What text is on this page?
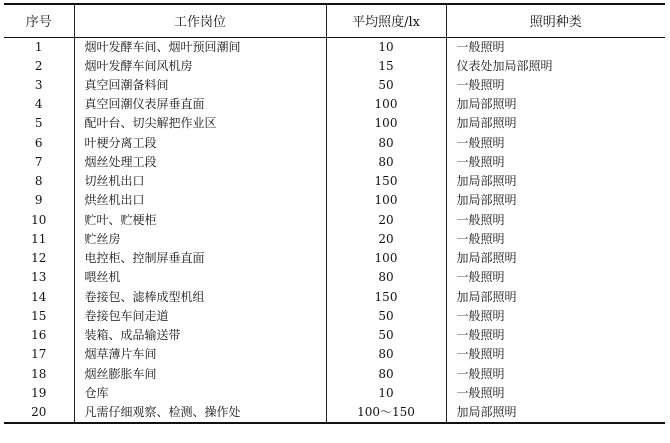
序号	工作岗位	平均照度/lx	照明种类
1	烟叶发酵车间、烟叶预回潮间	10	一般照明
2	烟叶发酵车间风机房	15	仪表处加局部照明
3	真空回潮备料间	50	一般照明
4	真空回潮仪表屏垂直面	100	加局部照明
5	配叶台、切尖解把作业区	100	加局部照明
6	叶梗分离工段	80	一般照明
7	烟丝处理工段	80	一般照明
8	切丝机出口	150	加局部照明
9	烘丝机出口	100	加局部照明
10	贮叶、贮梗柜	20	一般照明
11	贮丝房	20	一般照明
12	电控柜、控制屏垂直面	100	加局部照明
13	喂丝机	80	一般照明
14	卷接包、滤棒成型机组	150	加局部照明
15	卷接包车间走道	50	一般照明
16	装箱、成品输送带	50	一般照明
17	烟草薄片车间	80	一般照明
18	烟丝膨胀车间	80	一般照明
19	仓库	10	一般照明
20	凡需仔细观察、检测、操作处	100～150	加局部照明
